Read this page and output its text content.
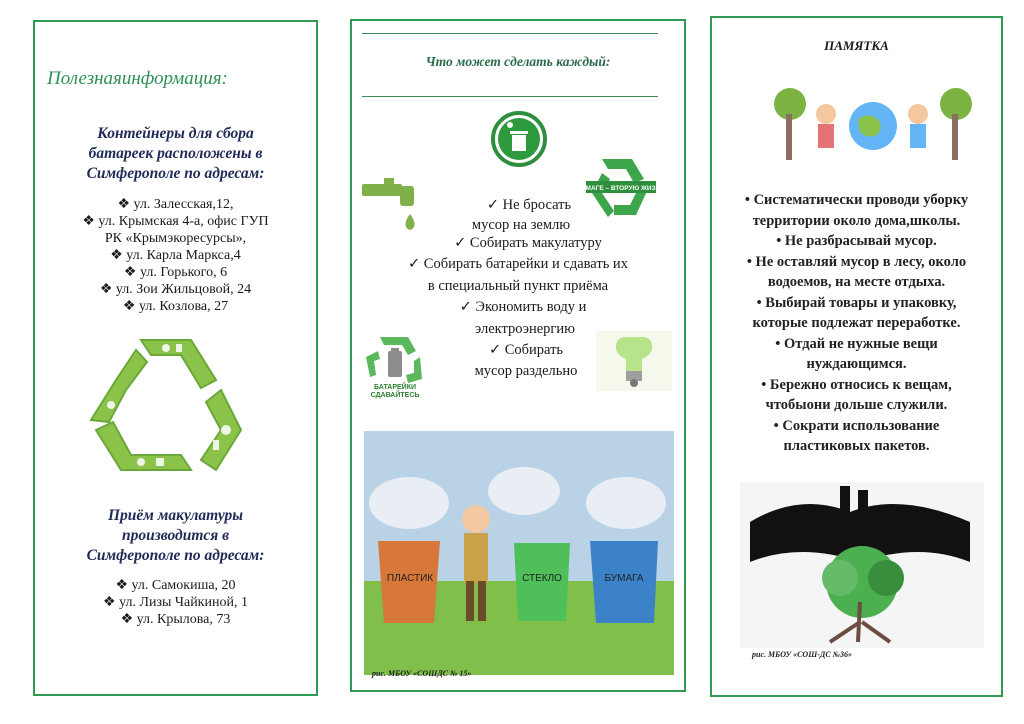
Полезнаяинформация:
Контейнеры для сбора
батареек расположены в
Симферополе по адресам:
❖ ул. Залесская,12,
❖ ул. Крымская 4-а, офис ГУП
РК «Крымэкоресурсы»,
❖ ул. Карла Маркса,4
❖ ул. Горького, 6
❖ ул. Зои Жильцовой, 24
❖ ул. Козлова, 27
Приём макулатуры
производится в
Симферополе по адресам:
❖ ул. Самокиша, 20
❖ ул. Лизы Чайкиной, 1
❖ ул. Крылова, 73
Что может сделать каждый:
БУМАГЕ – ВТОРУЮ ЖИЗНЬ
✓ Не бросать
мусор на землю
✓ Собирать макулатуру
✓ Собирать батарейки и сдавать их
в специальный пункт приёма
✓ Экономить воду и
электроэнергию
✓ Собирать
мусор раздельно
БАТАРЕЙКИ
СДАВАЙТЕСЬ
ПЛАСТИК	СТЕКЛО	БУМАГА
рис. МБОУ «СОШДС № 15»
ПАМЯТКА
• Систематически проводи уборку
территории около дома,школы.
• Не разбрасывай мусор.
• Не оставляй мусор в лесу, около
водоемов, на месте отдыха.
• Выбирай товары и упаковку,
которые подлежат переработке.
• Отдай не нужные вещи
нуждающимся.
• Бережно относись к вещам,
чтобыони дольше служили.
• Сократи использование
пластиковых пакетов.
рис. МБОУ «СОШ-ДС №36»
